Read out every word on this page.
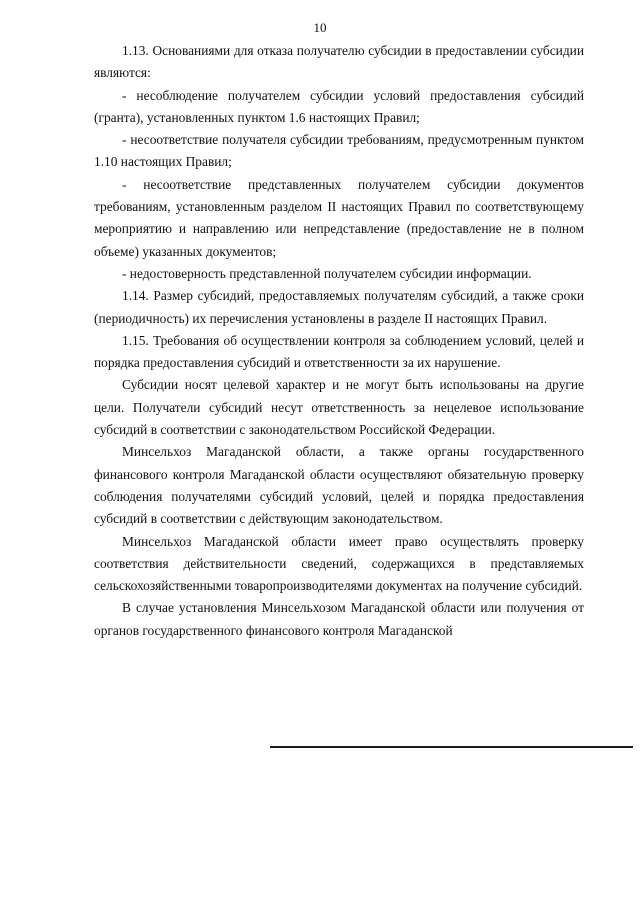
10

1.13. Основаниями для отказа получателю субсидии в предоставлении субсидии являются:

- несоблюдение получателем субсидии условий предоставления субсидий (гранта), установленных пунктом 1.6 настоящих Правил;

- несоответствие получателя субсидии требованиям, предусмотренным пунктом 1.10 настоящих Правил;

- несоответствие представленных получателем субсидии документов требованиям, установленным разделом II настоящих Правил по соответствующему мероприятию и направлению или непредставление (предоставление не в полном объеме) указанных документов;

- недостоверность представленной получателем субсидии информации.

1.14. Размер субсидий, предоставляемых получателям субсидий, а также сроки (периодичность) их перечисления установлены в разделе II настоящих Правил.

1.15. Требования об осуществлении контроля за соблюдением условий, целей и порядка предоставления субсидий и ответственности за их нарушение.

Субсидии носят целевой характер и не могут быть использованы на другие цели. Получатели субсидий несут ответственность за нецелевое использование субсидий в соответствии с законодательством Российской Федерации.

Минсельхоз Магаданской области, а также органы государственного финансового контроля Магаданской области осуществляют обязательную проверку соблюдения получателями субсидий условий, целей и порядка предоставления субсидий в соответствии с действующим законодательством.

Минсельхоз Магаданской области имеет право осуществлять проверку соответствия действительности сведений, содержащихся в представляемых сельскохозяйственными товаропроизводителями документах на получение субсидий.

В случае установления Минсельхозом Магаданской области или получения от органов государственного финансового контроля Магаданской
